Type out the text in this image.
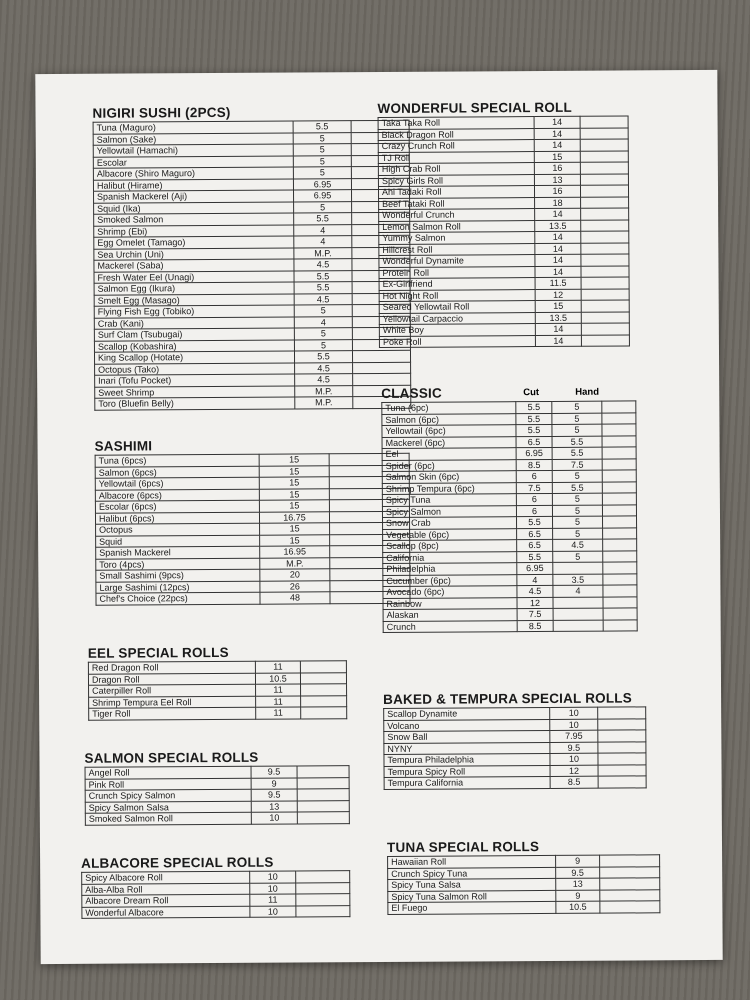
NIGIRI SUSHI (2PCS)
Tuna (Maguro)	5.5	
Salmon (Sake)	5	
Yellowtail (Hamachi)	5	
Escolar	5	
Albacore (Shiro Maguro)	5	
Halibut (Hirame)	6.95	
Spanish Mackerel (Aji)	6.95	
Squid (Ika)	5	
Smoked Salmon	5.5	
Shrimp (Ebi)	4	
Egg Omelet (Tamago)	4	
Sea Urchin (Uni)	M.P.	
Mackerel (Saba)	4.5	
Fresh Water Eel (Unagi)	5.5	
Salmon Egg (Ikura)	5.5	
Smelt Egg (Masago)	4.5	
Flying Fish Egg (Tobiko)	5	
Crab (Kani)	4	
Surf Clam (Tsubugai)	5	
Scallop (Kobashira)	5	
King Scallop (Hotate)	5.5	
Octopus (Tako)	4.5	
Inari (Tofu Pocket)	4.5	
Sweet Shrimp	M.P.	
Toro (Bluefin Belly)	M.P.	
SASHIMI
Tuna (6pcs)	15	
Salmon (6pcs)	15	
Yellowtail (6pcs)	15	
Albacore (6pcs)	15	
Escolar (6pcs)	15	
Halibut (6pcs)	16.75	
Octopus	15	
Squid	15	
Spanish Mackerel	16.95	
Toro (4pcs)	M.P.	
Small Sashimi (9pcs)	20	
Large Sashimi (12pcs)	26	
Chef's Choice (22pcs)	48	
EEL SPECIAL ROLLS
Red Dragon Roll	11	
Dragon Roll	10.5	
Caterpiller Roll	11	
Shrimp Tempura Eel Roll	11	
Tiger Roll	11	
SALMON SPECIAL ROLLS
Angel Roll	9.5	
Pink Roll	9	
Crunch Spicy Salmon	9.5	
Spicy Salmon Salsa	13	
Smoked Salmon Roll	10	
ALBACORE SPECIAL ROLLS
Spicy Albacore Roll	10	
Alba-Alba Roll	10	
Albacore Dream Roll	11	
Wonderful Albacore	10	
WONDERFUL SPECIAL ROLL
Taka Taka Roll	14	
Black Dragon Roll	14	
Crazy Crunch Roll	14	
TJ Roll	15	
High Crab Roll	16	
Spicy Girls Roll	13	
Ahi Tadaki Roll	16	
Beef Tataki Roll	18	
Wonderful Crunch	14	
Lemon Salmon Roll	13.5	
Yummy Salmon	14	
Hillcrest Roll	14	
Wonderful Dynamite	14	
Protein Roll	14	
Ex-Girlfriend	11.5	
Hot Night Roll	12	
Seared Yellowtail Roll	15	
Yellowtail Carpaccio	13.5	
White Boy	14	
Poke Roll	14	
CLASSIC	Cut	Hand
Tuna (6pc)	5.5	5	
Salmon (6pc)	5.5	5	
Yellowtail (6pc)	5.5	5	
Mackerel (6pc)	6.5	5.5	
Eel	6.95	5.5	
Spider (6pc)	8.5	7.5	
Salmon Skin (6pc)	6	5	
Shrimp Tempura (6pc)	7.5	5.5	
Spicy Tuna	6	5	
Spicy Salmon	6	5	
Snow Crab	5.5	5	
Vegetable (6pc)	6.5	5	
Scallop (8pc)	6.5	4.5	
California	5.5	5	
Philadelphia	6.95		
Cucumber (6pc)	4	3.5	
Avocado (6pc)	4.5	4	
Rainbow	12		
Alaskan	7.5		
Crunch	8.5		
BAKED & TEMPURA SPECIAL ROLLS
Scallop Dynamite	10	
Volcano	10	
Snow Ball	7.95	
NYNY	9.5	
Tempura Philadelphia	10	
Tempura Spicy Roll	12	
Tempura California	8.5	
TUNA SPECIAL ROLLS
Hawaiian Roll	9	
Crunch Spicy Tuna	9.5	
Spicy Tuna Salsa	13	
Spicy Tuna Salmon Roll	9	
El Fuego	10.5	
